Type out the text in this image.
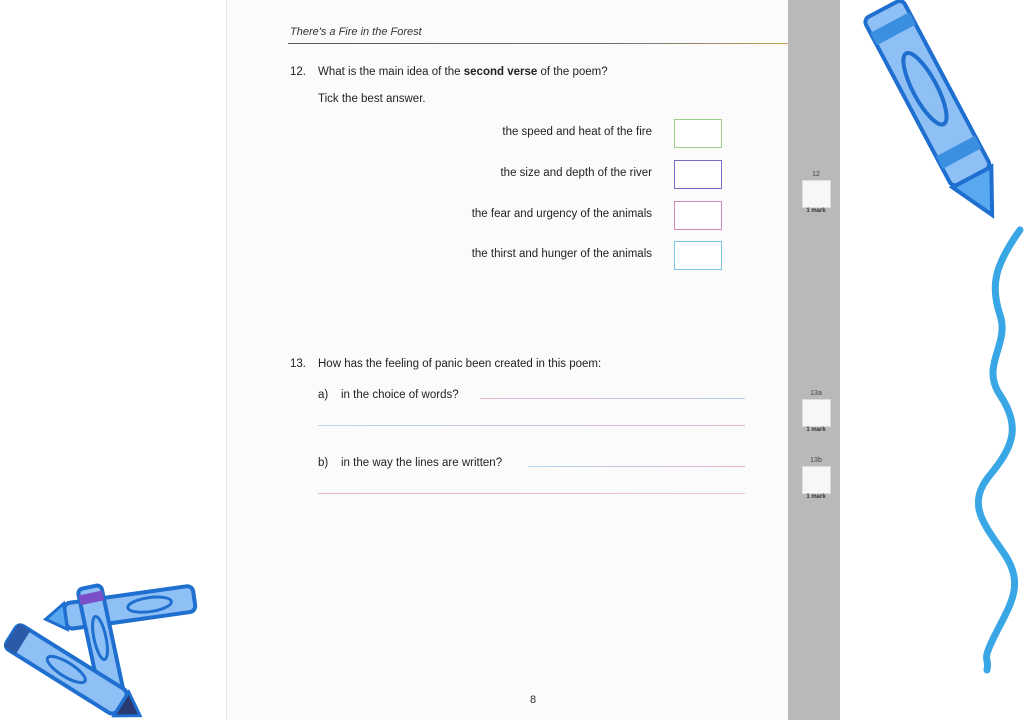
There's a Fire in the Forest
12. What is the main idea of the second verse of the poem?
Tick the best answer.
the speed and heat of the fire
the size and depth of the river
the fear and urgency of the animals
the thirst and hunger of the animals
13. How has the feeling of panic been created in this poem:
a) in the choice of words?
b) in the way the lines are written?
12
1 mark
13a
1 mark
13b
1 mark
8
